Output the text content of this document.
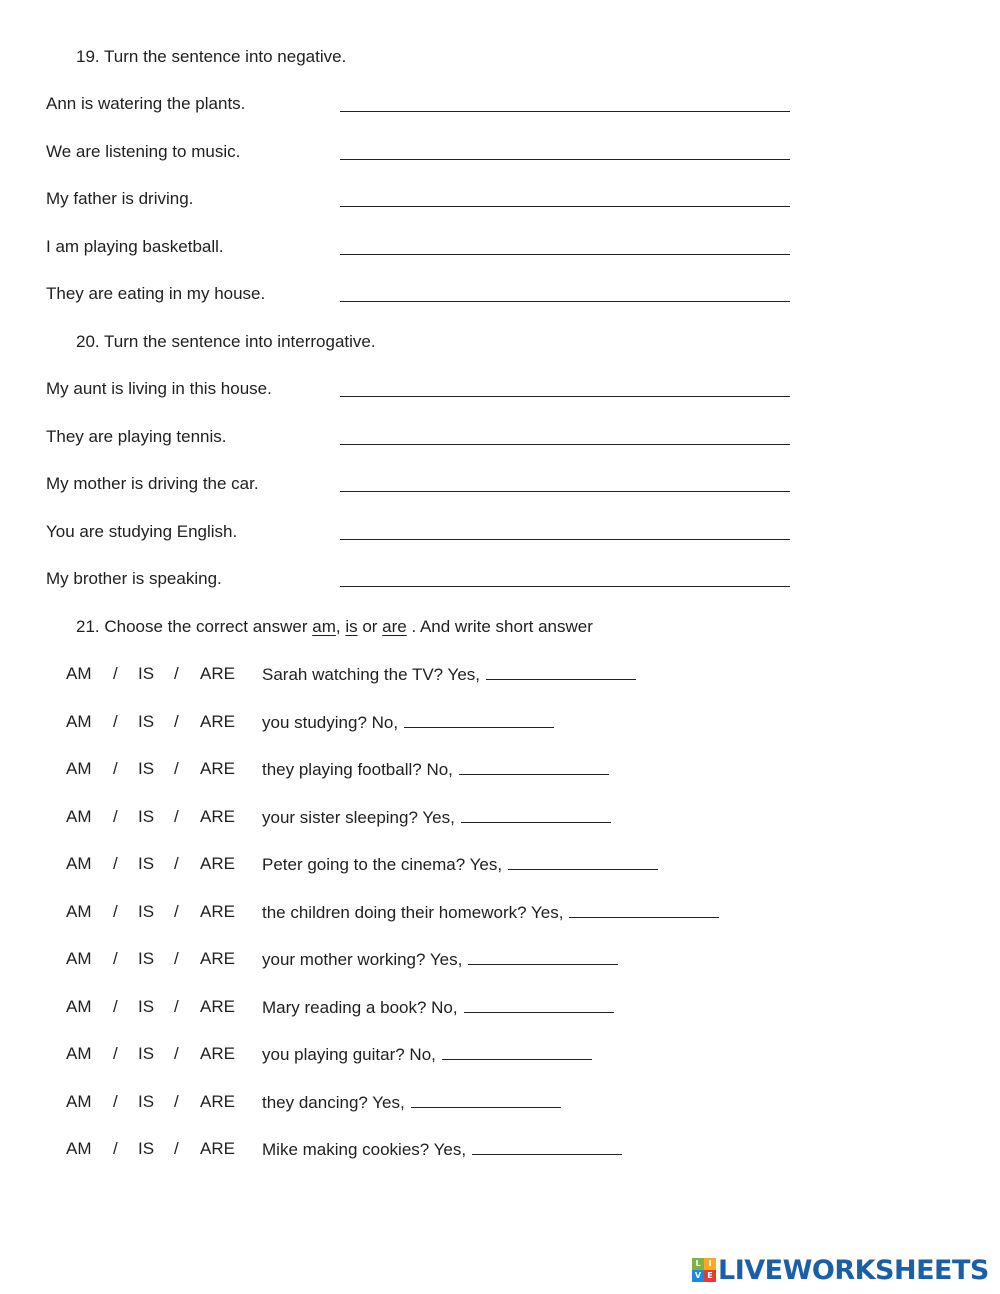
19. Turn the sentence into negative.
Ann is watering the plants.
We are listening to music.
My father is driving.
I am playing basketball.
They are eating in my house.
20. Turn the sentence into interrogative.
My aunt is living in this house.
They are playing tennis.
My mother is driving the car.
You are studying English.
My brother is speaking.
21. Choose the correct answer am, is or are . And write short answer
AM / IS / ARE Sarah watching the TV? Yes,
AM / IS / ARE you studying? No,
AM / IS / ARE they playing football? No,
AM / IS / ARE your sister sleeping? Yes,
AM / IS / ARE Peter going to the cinema? Yes,
AM / IS / ARE the children doing their homework? Yes,
AM / IS / ARE your mother working? Yes,
AM / IS / ARE Mary reading a book? No,
AM / IS / ARE you playing guitar? No,
AM / IS / ARE they dancing? Yes,
AM / IS / ARE Mike making cookies? Yes,
L I
V E LIVEWORKSHEETS
